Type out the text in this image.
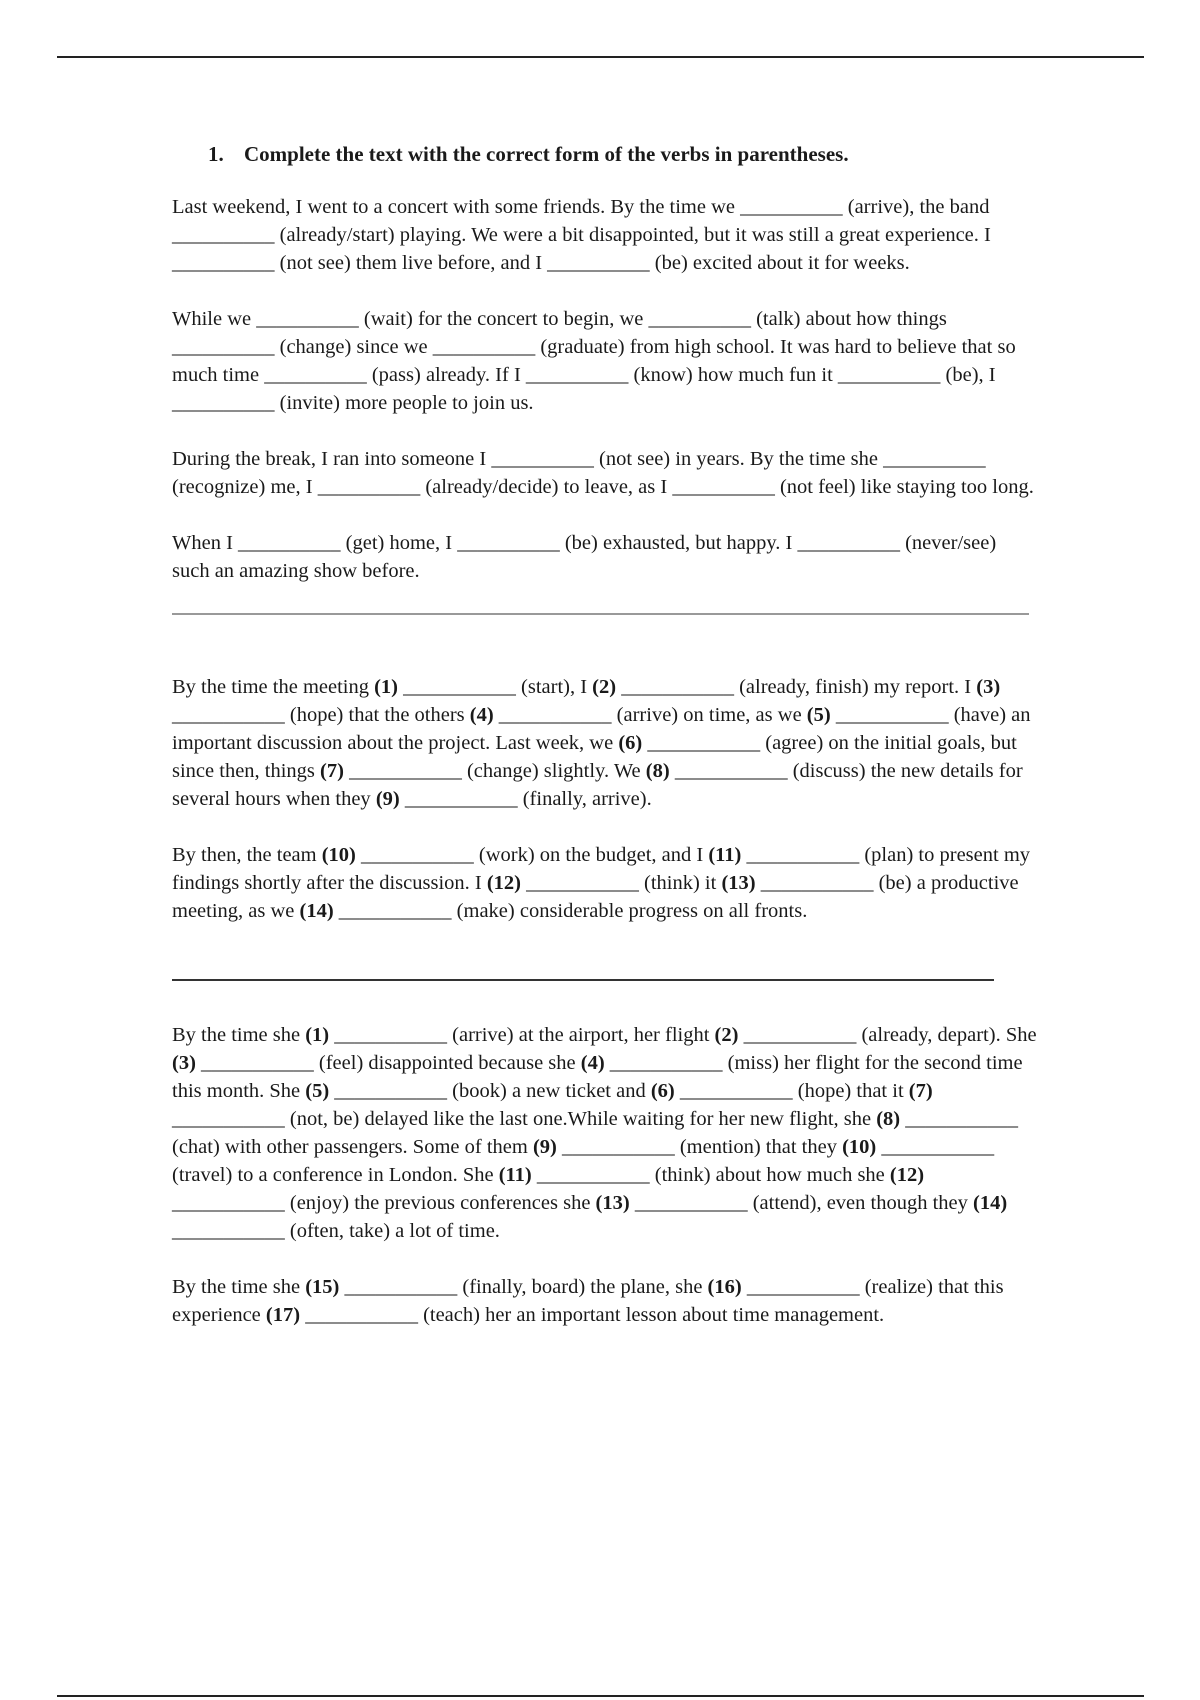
1. Complete the text with the correct form of the verbs in parentheses.

Last weekend, I went to a concert with some friends. By the time we __________ (arrive), the band __________ (already/start) playing. We were a bit disappointed, but it was still a great experience. I __________ (not see) them live before, and I __________ (be) excited about it for weeks.

While we __________ (wait) for the concert to begin, we __________ (talk) about how things __________ (change) since we __________ (graduate) from high school. It was hard to believe that so much time __________ (pass) already. If I __________ (know) how much fun it __________ (be), I __________ (invite) more people to join us.

During the break, I ran into someone I __________ (not see) in years. By the time she __________ (recognize) me, I __________ (already/decide) to leave, as I __________ (not feel) like staying too long.

When I __________ (get) home, I __________ (be) exhausted, but happy. I __________ (never/see) such an amazing show before.

By the time the meeting (1) ___________ (start), I (2) ___________ (already, finish) my report. I (3) ___________ (hope) that the others (4) ___________ (arrive) on time, as we (5) ___________ (have) an important discussion about the project. Last week, we (6) ___________ (agree) on the initial goals, but since then, things (7) ___________ (change) slightly. We (8) ___________ (discuss) the new details for several hours when they (9) ___________ (finally, arrive).

By then, the team (10) ___________ (work) on the budget, and I (11) ___________ (plan) to present my findings shortly after the discussion. I (12) ___________ (think) it (13) ___________ (be) a productive meeting, as we (14) ___________ (make) considerable progress on all fronts.

By the time she (1) ___________ (arrive) at the airport, her flight (2) ___________ (already, depart). She (3) ___________ (feel) disappointed because she (4) ___________ (miss) her flight for the second time this month. She (5) ___________ (book) a new ticket and (6) ___________ (hope) that it (7) ___________ (not, be) delayed like the last one.While waiting for her new flight, she (8) ___________ (chat) with other passengers. Some of them (9) ___________ (mention) that they (10) ___________ (travel) to a conference in London. She (11) ___________ (think) about how much she (12) ___________ (enjoy) the previous conferences she (13) ___________ (attend), even though they (14) ___________ (often, take) a lot of time.

By the time she (15) ___________ (finally, board) the plane, she (16) ___________ (realize) that this experience (17) ___________ (teach) her an important lesson about time management.
